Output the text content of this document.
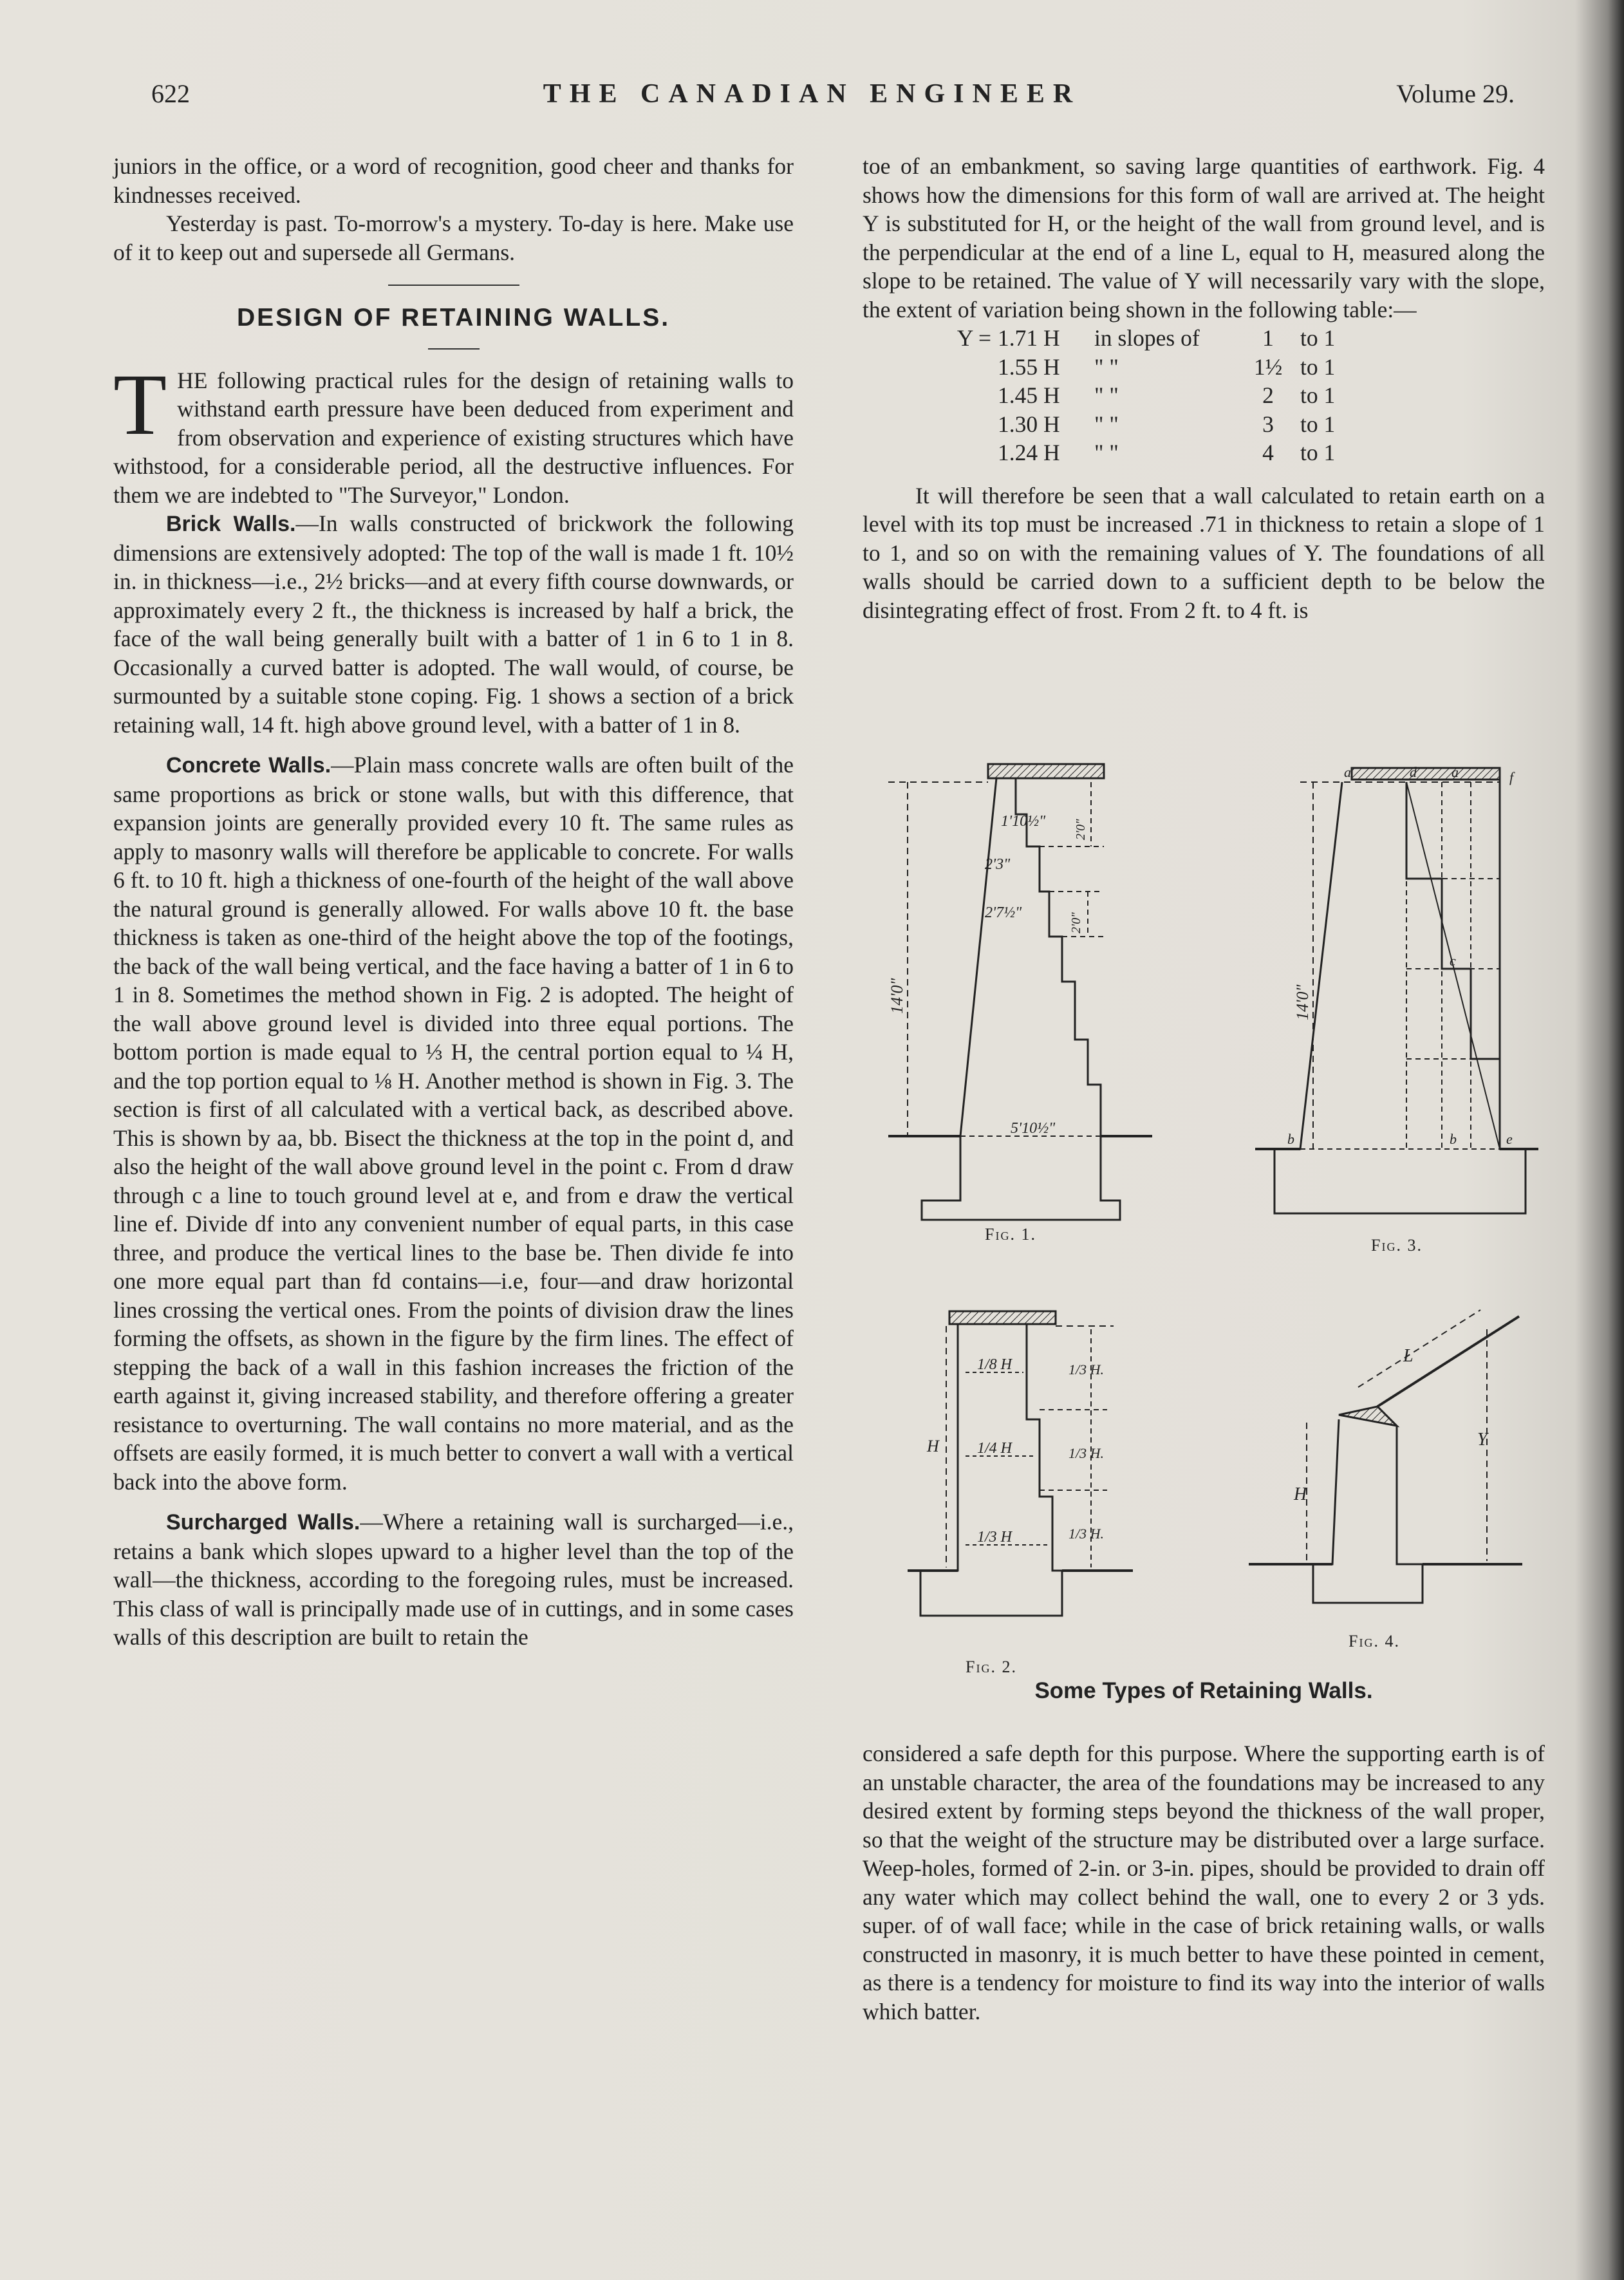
622	THE CANADIAN ENGINEER	Volume 29.

juniors in the office, or a word of recognition, good cheer and thanks for kindnesses received.

Yesterday is past. To-morrow's a mystery. To-day is here. Make use of it to keep out and supersede all Germans.

DESIGN OF RETAINING WALLS.

THE following practical rules for the design of retaining walls to withstand earth pressure have been deduced from experiment and from observation and experience of existing structures which have withstood, for a considerable period, all the destructive influences. For them we are indebted to "The Surveyor," London.

Brick Walls.—In walls constructed of brickwork the following dimensions are extensively adopted: The top of the wall is made 1 ft. 10½ in. in thickness—i.e., 2½ bricks—and at every fifth course downwards, or approximately every 2 ft., the thickness is increased by half a brick, the face of the wall being generally built with a batter of 1 in 6 to 1 in 8. Occasionally a curved batter is adopted. The wall would, of course, be surmounted by a suitable stone coping. Fig. 1 shows a section of a brick retaining wall, 14 ft. high above ground level, with a batter of 1 in 8.

Concrete Walls.—Plain mass concrete walls are often built of the same proportions as brick or stone walls, but with this difference, that expansion joints are generally provided every 10 ft. The same rules as apply to masonry walls will therefore be applicable to concrete. For walls 6 ft. to 10 ft. high a thickness of one-fourth of the height of the wall above the natural ground is generally allowed. For walls above 10 ft. the base thickness is taken as one-third of the height above the top of the footings, the back of the wall being vertical, and the face having a batter of 1 in 6 to 1 in 8. Sometimes the method shown in Fig. 2 is adopted. The height of the wall above ground level is divided into three equal portions. The bottom portion is made equal to ⅓ H, the central portion equal to ¼ H, and the top portion equal to ⅛ H. Another method is shown in Fig. 3. The section is first of all calculated with a vertical back, as described above. This is shown by aa, bb. Bisect the thickness at the top in the point d, and also the height of the wall above ground level in the point c. From d draw through c a line to touch ground level at e, and from e draw the vertical line ef. Divide df into any convenient number of equal parts, in this case three, and produce the vertical lines to the base be. Then divide fe into one more equal part than fd contains—i.e, four—and draw horizontal lines crossing the vertical ones. From the points of division draw the lines forming the offsets, as shown in the figure by the firm lines. The effect of stepping the back of a wall in this fashion increases the friction of the earth against it, giving increased stability, and therefore offering a greater resistance to overturning. The wall contains no more material, and as the offsets are easily formed, it is much better to convert a wall with a vertical back into the above form.

Surcharged Walls.—Where a retaining wall is surcharged—i.e., retains a bank which slopes upward to a higher level than the top of the wall—the thickness, according to the foregoing rules, must be increased. This class of wall is principally made use of in cuttings, and in some cases walls of this description are built to retain the

toe of an embankment, so saving large quantities of earthwork. Fig. 4 shows how the dimensions for this form of wall are arrived at. The height Y is substituted for H, or the height of the wall from ground level, and is the perpendicular at the end of a line L, equal to H, measured along the slope to be retained. The value of Y will necessarily vary with the slope, the extent of variation being shown in the following table:—

Y = 1.71 H	in slopes of	1	to 1
1.55 H	" "	1½ to 1
1.45 H	" "	2	to 1
1.30 H	" "	3	to 1
1.24 H	" "	4	to 1

It will therefore be seen that a wall calculated to retain earth on a level with its top must be increased .71 in thickness to retain a slope of 1 to 1, and so on with the remaining values of Y. The foundations of all walls should be carried down to a sufficient depth to be below the disintegrating effect of frost. From 2 ft. to 4 ft. is

1'10½"
2'3"
2'7½"
14'0"
5'10½"
2'0"
2'0"
a	d a	f
c
b	b	e
14'0"
1/8 H
1/4 H
1/3 H
1/3 H.
1/3 H.
1/3 H.
H
L
Y
H
Fig. 1.
Fig. 3.
Fig. 2.
Fig. 4.
Some Types of Retaining Walls.

considered a safe depth for this purpose. Where the supporting earth is of an unstable character, the area of the foundations may be increased to any desired extent by forming steps beyond the thickness of the wall proper, so that the weight of the structure may be distributed over a large surface. Weep-holes, formed of 2-in. or 3-in. pipes, should be provided to drain off any water which may collect behind the wall, one to every 2 or 3 yds. super. of of wall face; while in the case of brick retaining walls, or walls constructed in masonry, it is much better to have these pointed in cement, as there is a tendency for moisture to find its way into the interior of walls which batter.
